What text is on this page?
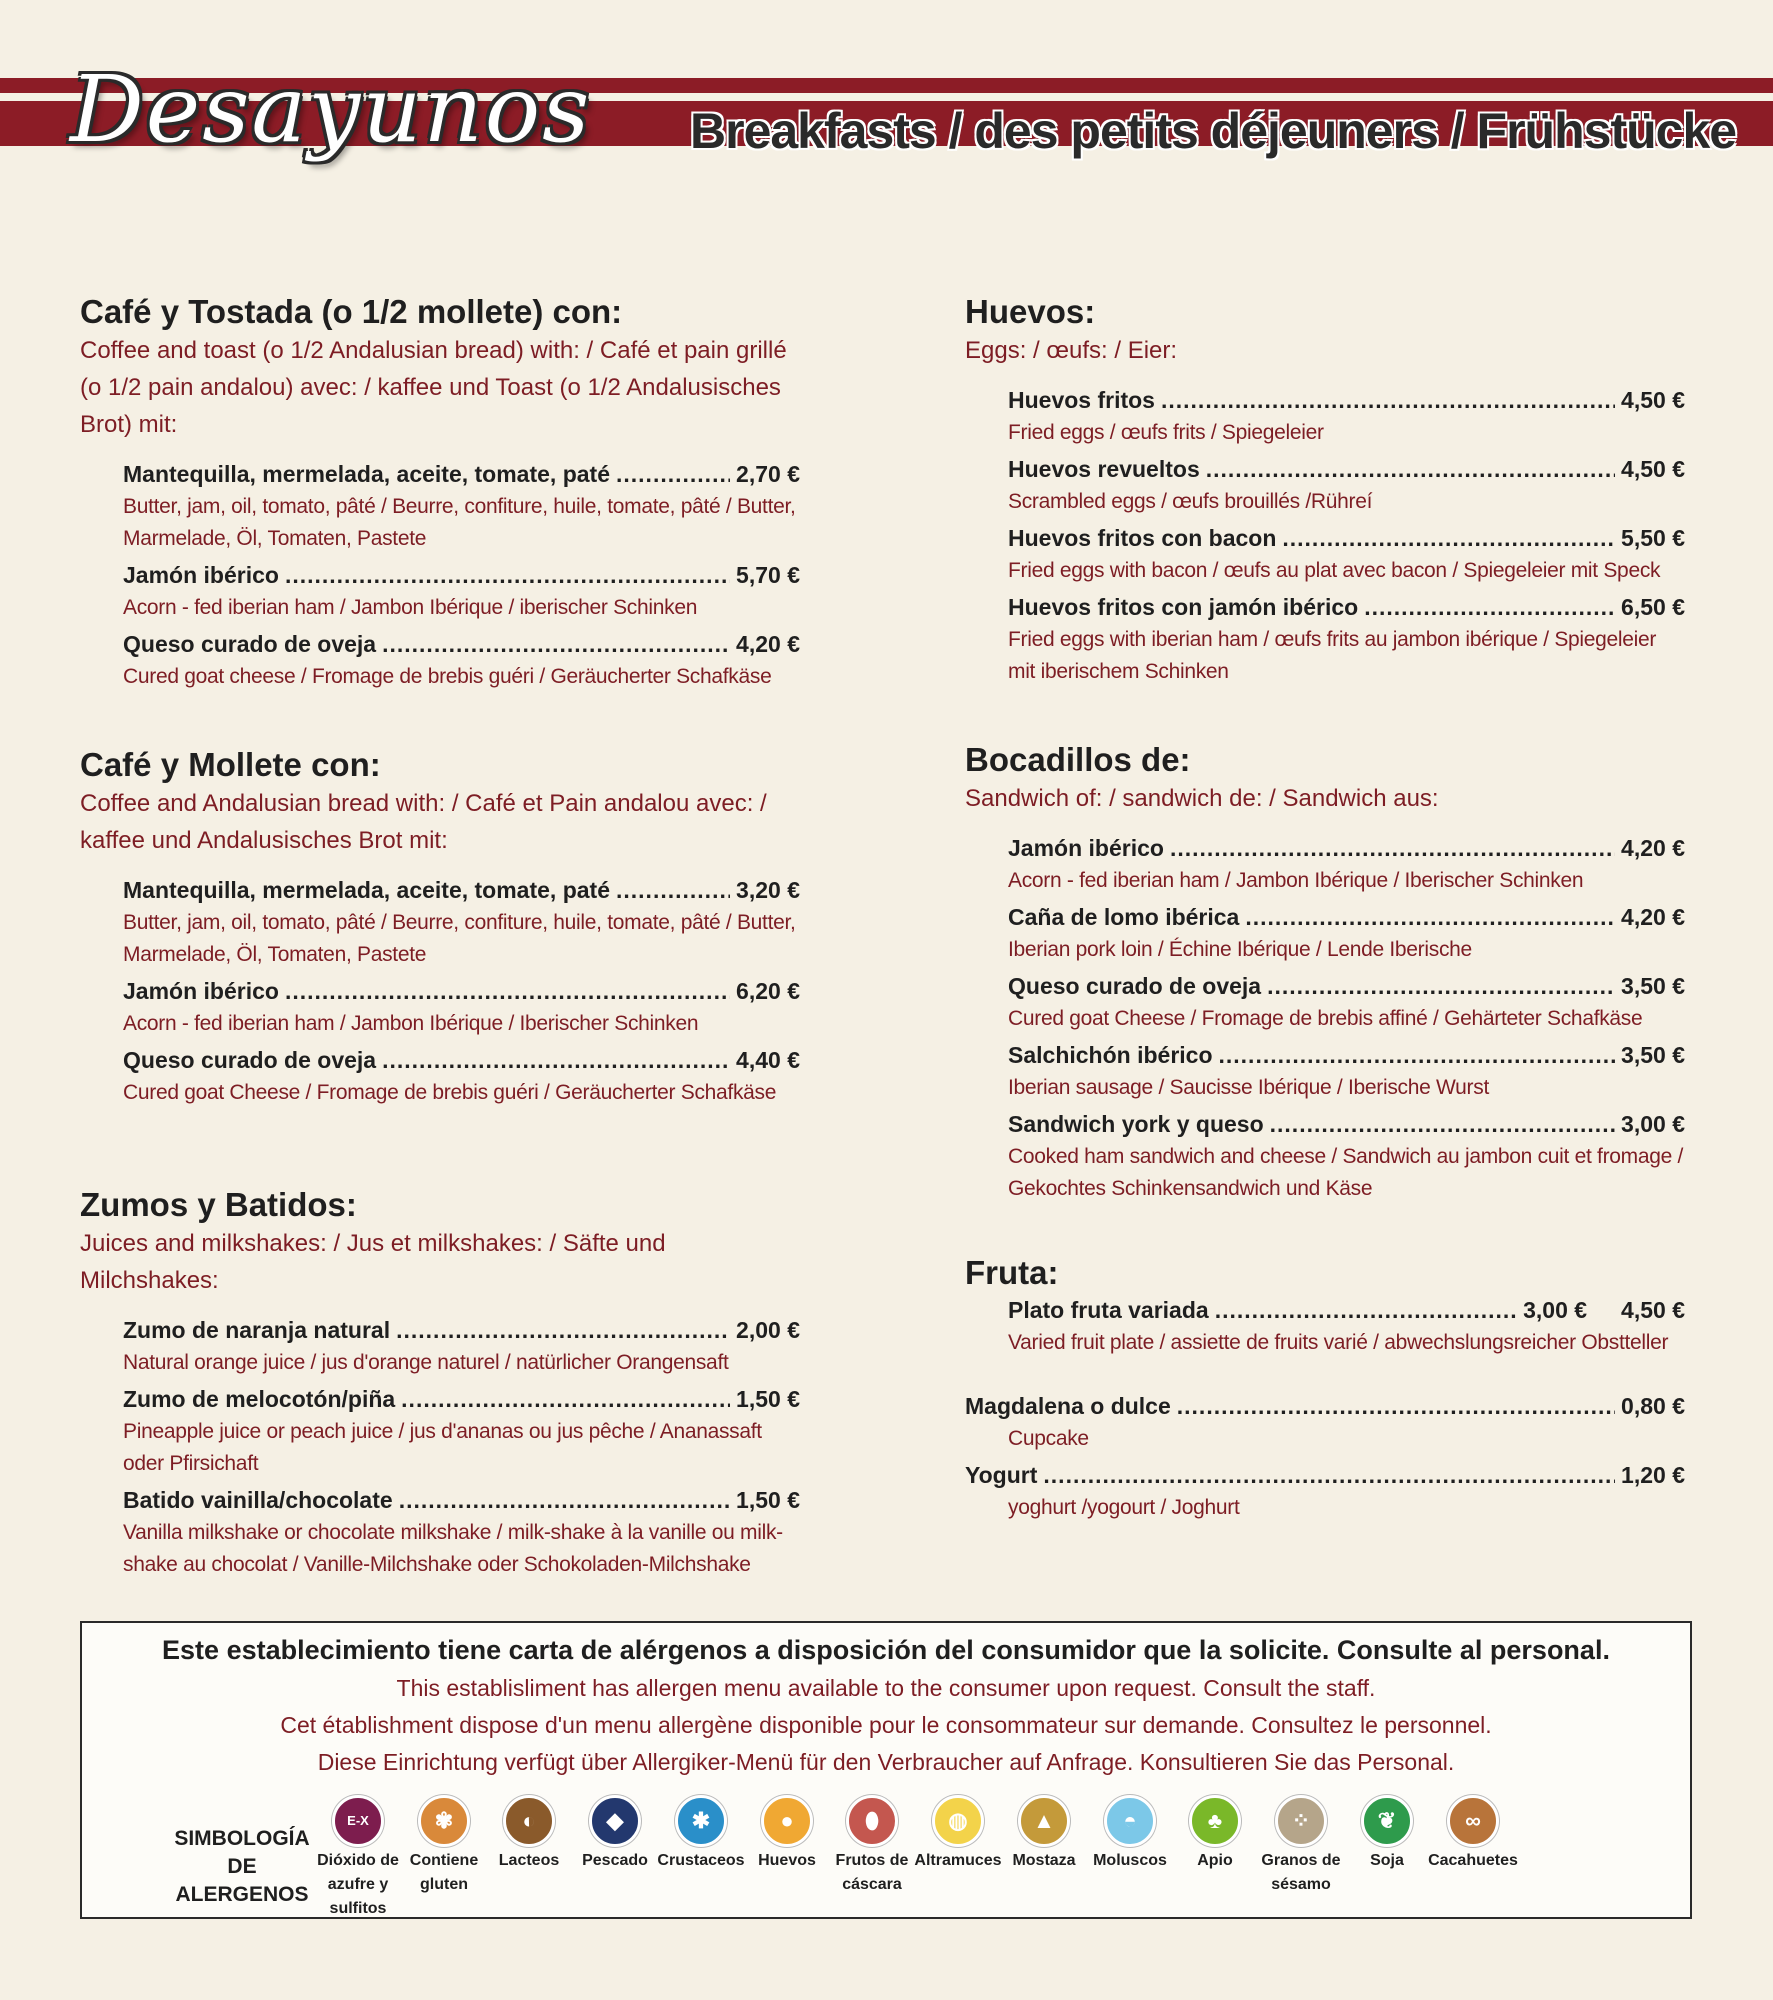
Desayunos Breakfasts / des petits déjeuners / Frühstücke
Café y Tostada (o 1/2 mollete) con:
Coffee and toast (o 1/2 Andalusian bread) with: / Café et pain grillé (o 1/2 pain andalou) avec: / kaffee und Toast (o 1/2 Andalusisches Brot) mit:
Mantequilla, mermelada, aceite, tomate, paté .....	2,70 €
Butter, jam, oil, tomato, pâté / Beurre, confiture, huile, tomate, pâté / Butter, Marmelade, Öl, Tomaten, Pastete
Jamón ibérico .....	5,70 €
Acorn - fed iberian ham / Jambon Ibérique / iberischer Schinken
Queso curado de oveja .....	4,20 €
Cured goat cheese / Fromage de brebis guéri / Geräucherter Schafkäse
Café y Mollete con:
Coffee and Andalusian bread with: / Café et Pain andalou avec: / kaffee und Andalusisches Brot mit:
Mantequilla, mermelada, aceite, tomate, paté .....	3,20 €
Butter, jam, oil, tomato, pâté / Beurre, confiture, huile, tomate, pâté / Butter, Marmelade, Öl, Tomaten, Pastete
Jamón ibérico .....	6,20 €
Acorn - fed iberian ham / Jambon Ibérique / Iberischer Schinken
Queso curado de oveja .....	4,40 €
Cured goat Cheese / Fromage de brebis guéri / Geräucherter Schafkäse
Zumos y Batidos:
Juices and milkshakes: / Jus et milkshakes: / Säfte und Milchshakes:
Zumo de naranja natural .....	2,00 €
Natural orange juice / jus d'orange naturel / natürlicher Orangensaft
Zumo de melocotón/piña .....	1,50 €
Pineapple juice or peach juice / jus d'ananas ou jus pêche / Ananassaft oder Pfirsichaft
Batido vainilla/chocolate .....	1,50 €
Vanilla milkshake or chocolate milkshake / milk-shake à la vanille ou milk-shake au chocolat / Vanille-Milchshake oder Schokoladen-Milchshake
Huevos:
Eggs: / œufs: / Eier:
Huevos fritos .....	4,50 €
Fried eggs / œufs frits / Spiegeleier
Huevos revueltos .....	4,50 €
Scrambled eggs / œufs brouillés /Rühreí
Huevos fritos con bacon .....	5,50 €
Fried eggs with bacon / œufs au plat avec bacon / Spiegeleier mit Speck
Huevos fritos con jamón ibérico .....	6,50 €
Fried eggs with iberian ham / œufs frits au jambon ibérique / Spiegeleier mit iberischem Schinken
Bocadillos de:
Sandwich of: / sandwich de: / Sandwich aus:
Jamón ibérico .....	4,20 €
Acorn - fed iberian ham / Jambon Ibérique / Iberischer Schinken
Caña de lomo ibérica .....	4,20 €
Iberian pork loin / Échine Ibérique / Lende Iberische
Queso curado de oveja .....	3,50 €
Cured goat Cheese / Fromage de brebis affiné / Gehärteter Schafkäse
Salchichón ibérico .....	3,50 €
Iberian sausage / Saucisse Ibérique / Iberische Wurst
Sandwich york y queso .....	3,00 €
Cooked ham sandwich and cheese / Sandwich au jambon cuit et fromage / Gekochtes Schinkensandwich und Käse
Fruta:
Plato fruta variada .....	3,00 € 4,50 €
Varied fruit plate / assiette de fruits varié / abwechslungsreicher Obstteller
Magdalena o dulce .....	0,80 €
Cupcake
Yogurt .....	1,20 €
yoghurt /yogourt / Joghurt
Este establecimiento tiene carta de alérgenos a disposición del consumidor que la solicite. Consulte al personal.
This establisliment has allergen menu available to the consumer upon request. Consult the staff.
Cet établishment dispose d'un menu allergène disponible pour le consommateur sur demande. Consultez le personnel.
Diese Einrichtung verfügt über Allergiker-Menü für den Verbraucher auf Anfrage. Konsultieren Sie das Personal.
SIMBOLOGÍA DE ALERGENOS
E-X
Dióxido de azufre y sulfitos
✾
Contiene gluten
◐
Lacteos
◆
Pescado
✱
Crustaceos
●
Huevos
⬮
Frutos de cáscara
◍
Altramuces
▲
Mostaza
◓
Moluscos
♣
Apio
⁘
Granos de sésamo
❦
Soja
∞
Cacahuetes
